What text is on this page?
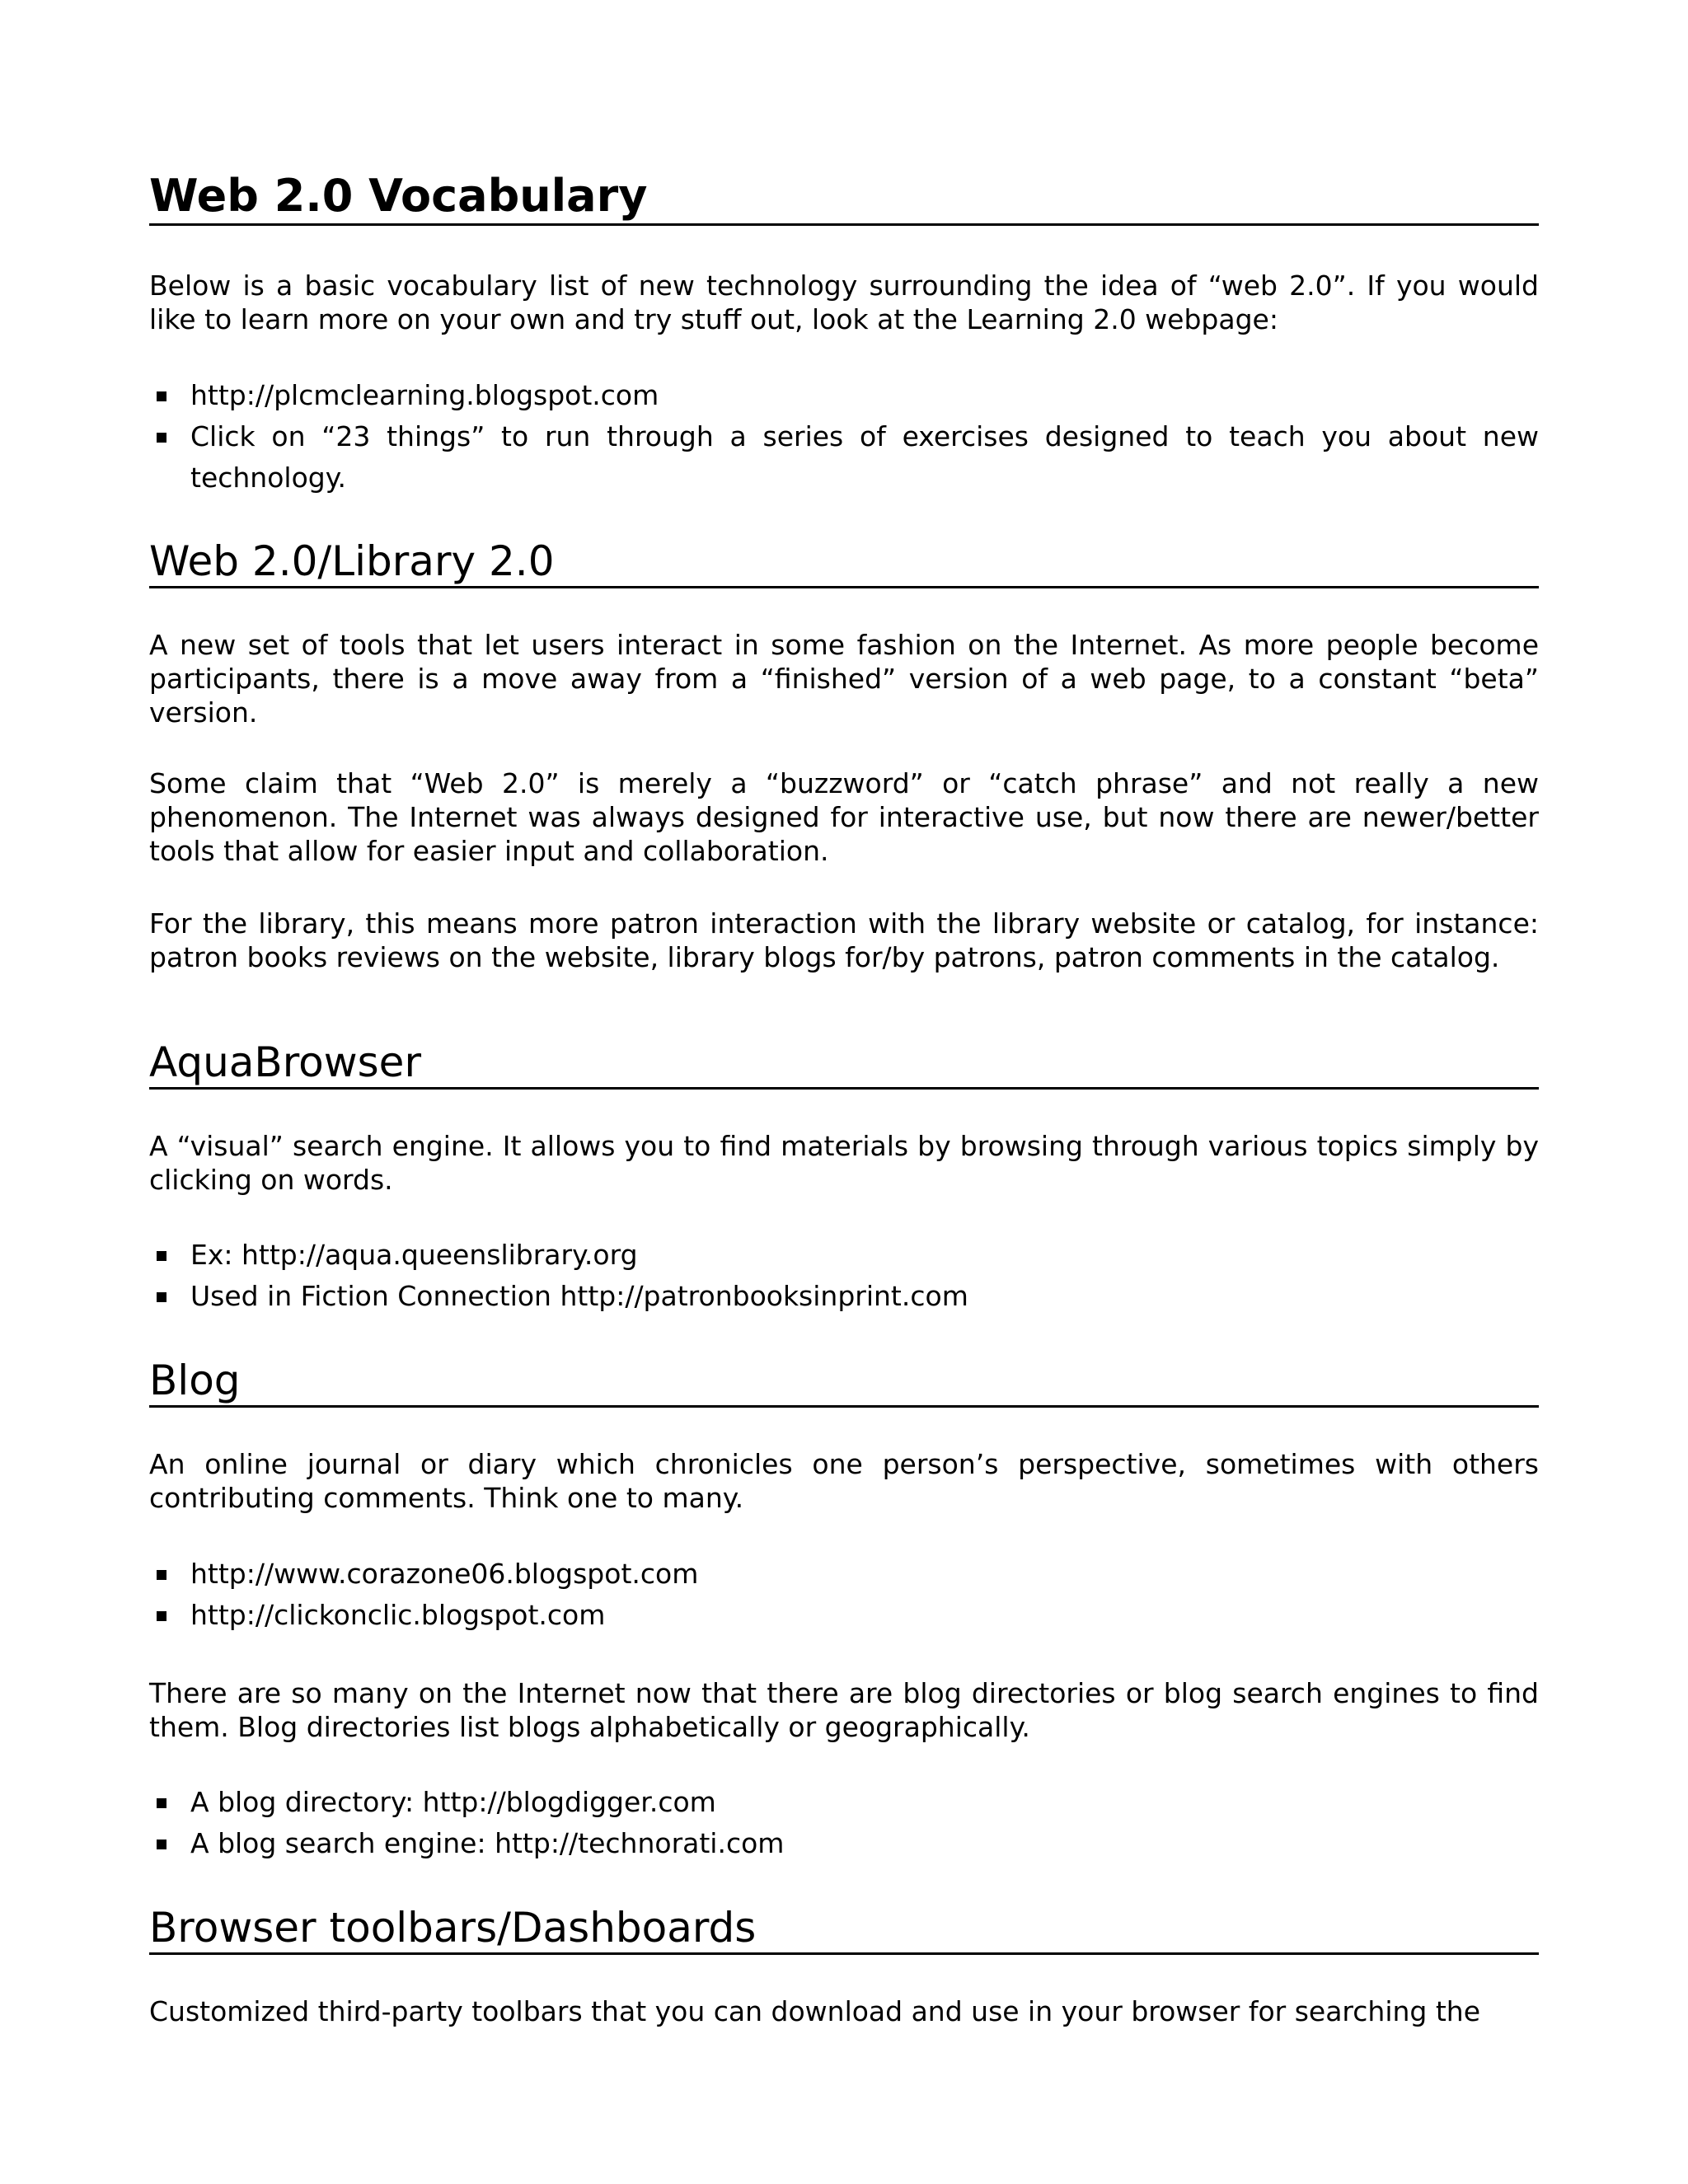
Web 2.0 Vocabulary

Below is a basic vocabulary list of new technology surrounding the idea of “web 2.0”. If you would like to learn more on your own and try stuff out, look at the Learning 2.0 webpage:

http://plcmclearning.blogspot.com
Click on “23 things” to run through a series of exercises designed to teach you about new technology.
Web 2.0/Library 2.0

A new set of tools that let users interact in some fashion on the Internet. As more people become participants, there is a move away from a “finished” version of a web page, to a constant “beta” version.

Some claim that “Web 2.0” is merely a “buzzword” or “catch phrase” and not really a new phenomenon. The Internet was always designed for interactive use, but now there are newer/better tools that allow for easier input and collaboration.

For the library, this means more patron interaction with the library website or catalog, for instance: patron books reviews on the website, library blogs for/by patrons, patron comments in the catalog.

AquaBrowser

A “visual” search engine. It allows you to find materials by browsing through various topics simply by clicking on words.

Ex: http://aqua.queenslibrary.org
Used in Fiction Connection http://patronbooksinprint.com
Blog

An online journal or diary which chronicles one person’s perspective, sometimes with others contributing comments. Think one to many.

http://www.corazone06.blogspot.com
http://clickonclic.blogspot.com

There are so many on the Internet now that there are blog directories or blog search engines to find them. Blog directories list blogs alphabetically or geographically.

A blog directory: http://blogdigger.com
A blog search engine: http://technorati.com
Browser toolbars/Dashboards

Customized third-party toolbars that you can download and use in your browser for searching the
